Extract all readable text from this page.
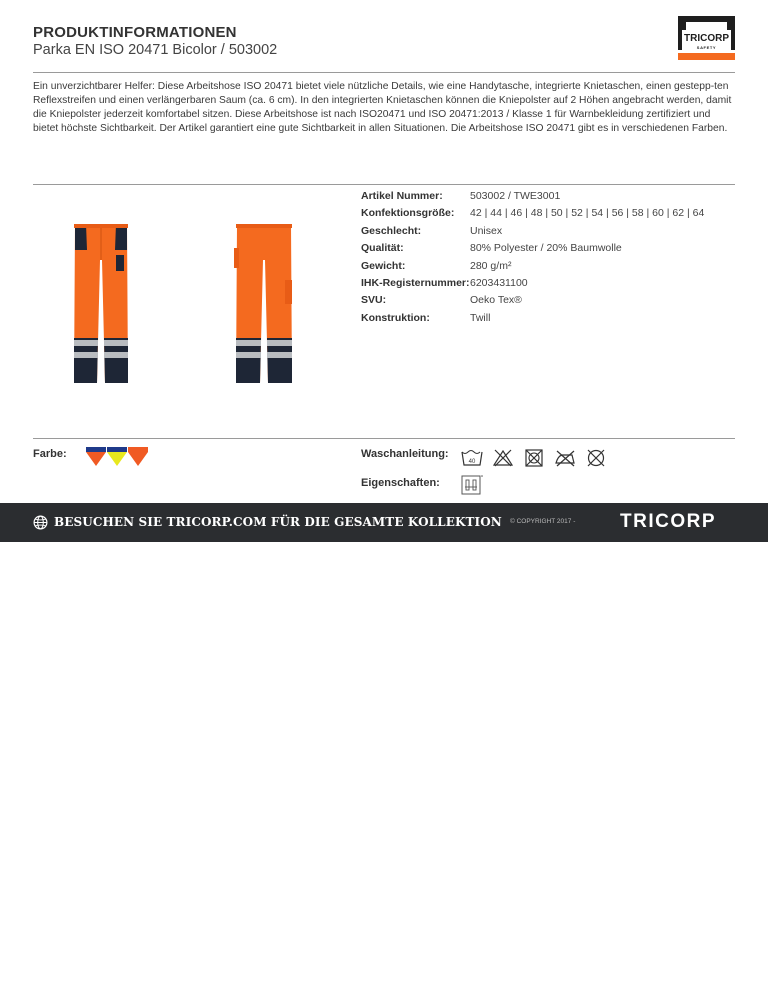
PRODUKTINFORMATIONEN
Parka EN ISO 20471 Bicolor / 503002
TRICORP
SAFETY
Ein unverzichtbarer Helfer: Diese Arbeitshose ISO 20471 bietet viele nützliche Details, wie eine Handytasche, integrierte Knietaschen, einen gestepp-ten Reflexstreifen und einen verlängerbaren Saum (ca. 6 cm). In den integrierten Knietaschen können die Kniepolster auf 2 Höhen angebracht werden, damit die Kniepolster jederzeit komfortabel sitzen. Diese Arbeitshose ist nach ISO20471 und ISO 20471:2013 / Klasse 1 für Warnbekleidung zertifiziert und bietet höchste Sichtbarkeit. Der Artikel garantiert eine gute Sichtbarkeit in allen Situationen. Die Arbeitshose ISO 20471 gibt es in verschiedenen Farben.
Artikel Nummer:	503002 / TWE3001
Konfektionsgröße: 42 | 44 | 46 | 48 | 50 | 52 | 54 | 56 | 58 | 60 | 62 | 64
Geschlecht:	Unisex
Qualität:	80% Polyester / 20% Baumwolle
Gewicht:	280 g/m²
IHK-Registernummer: 6203431100
SVU:	Oeko Tex®
Konstruktion:	Twill
Farbe:	Waschanleitung:
40
Eigenschaften:
BESUCHEN SIE TRICORP.COM FÜR DIE GESAMTE KOLLEKTION © COPYRIGHT 2017 - TRICORP
